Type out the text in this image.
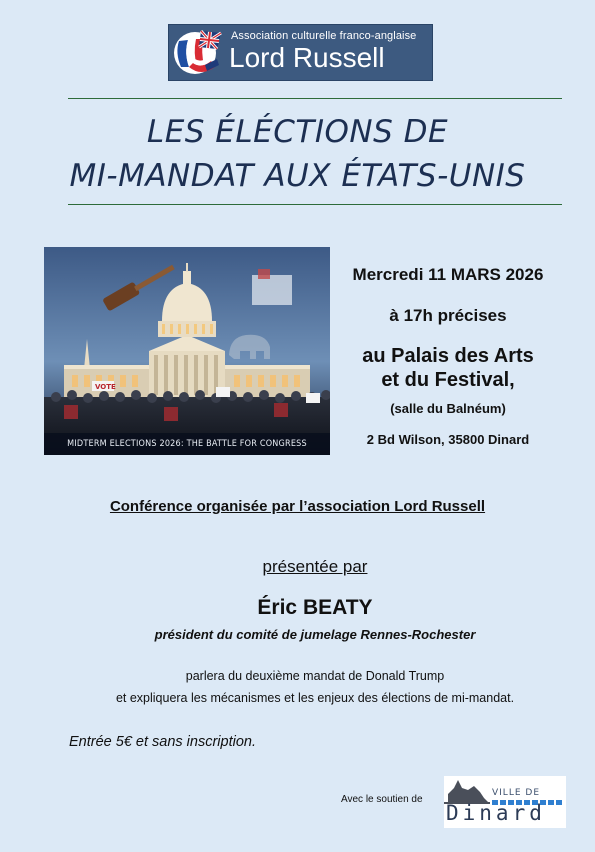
Association culturelle franco-anglaise
Lord Russell
LES ÉLÉCTIONS DE
MI-MANDAT AUX ÉTATS-UNIS
VOTE
MIDTERM ELECTIONS 2026: THE BATTLE FOR CONGRESS
Mercredi 11 MARS 2026
à 17h précises
au Palais des Arts
et du Festival,
(salle du Balnéum)
2 Bd Wilson, 35800 Dinard
Conférence organisée par l’association Lord Russell
présentée par
Éric BEATY
président du comité de jumelage Rennes-Rochester
parlera du deuxième mandat de Donald Trump
et expliquera les mécanismes et les enjeux des élections de mi-mandat.
Entrée 5€ et sans inscription.
Avec le soutien de
VILLE DE
Dinard
